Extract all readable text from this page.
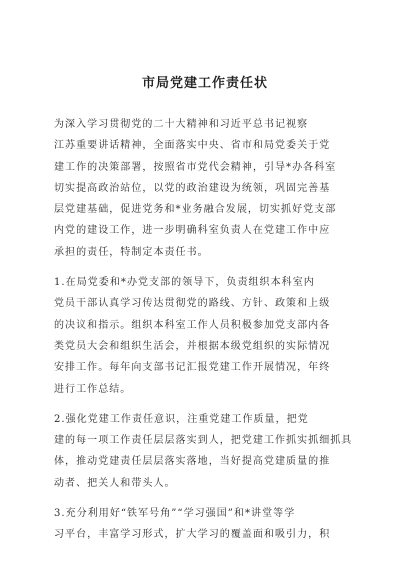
市局党建工作责任状
为深入学习贯彻党的二十大精神和习近平总书记视察
江苏重要讲话精神，全面落实中央、省市和局党委关于党
建工作的决策部署，按照省市党代会精神，引导*办各科室
切实提高政治站位，以党的政治建设为统领，巩固完善基
层党建基础，促进党务和*业务融合发展，切实抓好党支部
内党的建设工作，进一步明确科室负责人在党建工作中应
承担的责任，特制定本责任书。
1.在局党委和*办党支部的领导下，负责组织本科室内
党员干部认真学习传达贯彻党的路线、方针、政策和上级
的决议和指示。组织本科室工作人员积极参加党支部内各
类党员大会和组织生活会，并根据本级党组织的实际情况
安排工作。每年向支部书记汇报党建工作开展情况，年终
进行工作总结。
2.强化党建工作责任意识，注重党建工作质量，把党
建的每一项工作责任层层落实到人，把党建工作抓实抓细抓具
体，推动党建责任层层落实落地，当好提高党建质量的推
动者、把关人和带头人。
3.充分利用好“铁军号角”“学习强国”和*讲堂等学
习平台，丰富学习形式，扩大学习的覆盖面和吸引力，积
